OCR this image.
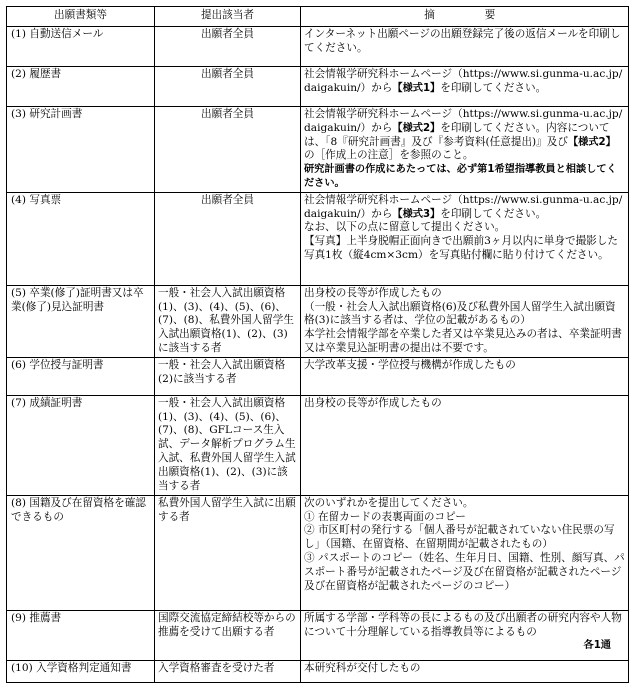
出願書類等	提出該当者	摘　　要
(1) 自動送信メール	出願者全員	インターネット出願ページの出願登録完了後の返信メールを印刷してください。
(2) 履歴書	出願者全員	社会情報学研究科ホームページ（https://www.si.gunma-u.ac.jp/daigakuin/）から【様式1】を印刷してください。
(3) 研究計画書	出願者全員	社会情報学研究科ホームページ（https://www.si.gunma-u.ac.jp/daigakuin/）から【様式2】を印刷してください。内容については、「8『研究計画書』及び『参考資料(任意提出)』及び【様式2】の［作成上の注意］を参照のこと。
研究計画書の作成にあたっては、必ず第1希望指導教員と相談してください。

(4) 写真票	出願者全員	社会情報学研究科ホームページ（https://www.si.gunma-u.ac.jp/daigakuin/）から【様式3】を印刷してください。
なお、以下の点に留意して提出ください。
【写真】上半身脱帽正面向きで出願前3ヶ月以内に単身で撮影した写真1枚（縦4cm×3cm）を写真貼付欄に貼り付けてください。

(5) 卒業(修了)証明書又は卒業(修了)見込証明書	一般・社会人入試出願資格(1)、(3)、(4)、(5)、(6)、(7)、(8)、私費外国人留学生入試出願資格(1)、(2)、(3)に該当する者	出身校の長等が作成したもの
（一般・社会人入試出願資格(6)及び私費外国人留学生入試出願資格(3)に該当する者は、学位の記載があるもの）
本学社会情報学部を卒業した者又は卒業見込みの者は、卒業証明書又は卒業見込証明書の提出は不要です。

(6) 学位授与証明書	一般・社会人入試出願資格(2)に該当する者	大学改革支援・学位授与機構が作成したもの
(7) 成績証明書	一般・社会人入試出願資格(1)、(3)、(4)、(5)、(6)、(7)、(8)、GFLコース生入試、データ解析プログラム生入試、私費外国人留学生入試出願資格(1)、(2)、(3)に該当する者	出身校の長等が作成したもの
(8) 国籍及び在留資格を確認できるもの	私費外国人留学生入試に出願する者	次のいずれかを提出してください。
① 在留カードの表裏両面のコピー
② 市区町村の発行する「個人番号が記載されていない住民票の写し」（国籍、在留資格、在留期間が記載されたもの）
③ パスポートのコピー（姓名、生年月日、国籍、性別、顔写真、パスポート番号が記載されたページ及び在留資格が記載されたページ及び在留資格が記載されたページのコピー）

(9) 推薦書	国際交流協定締結校等からの推薦を受けて出願する者	所属する学部・学科等の長によるもの及び出願者の研究内容や人物について十分理解している指導教員等によるもの
各1通

(10) 入学資格判定通知書	入学資格審査を受けた者	本研究科が交付したもの
